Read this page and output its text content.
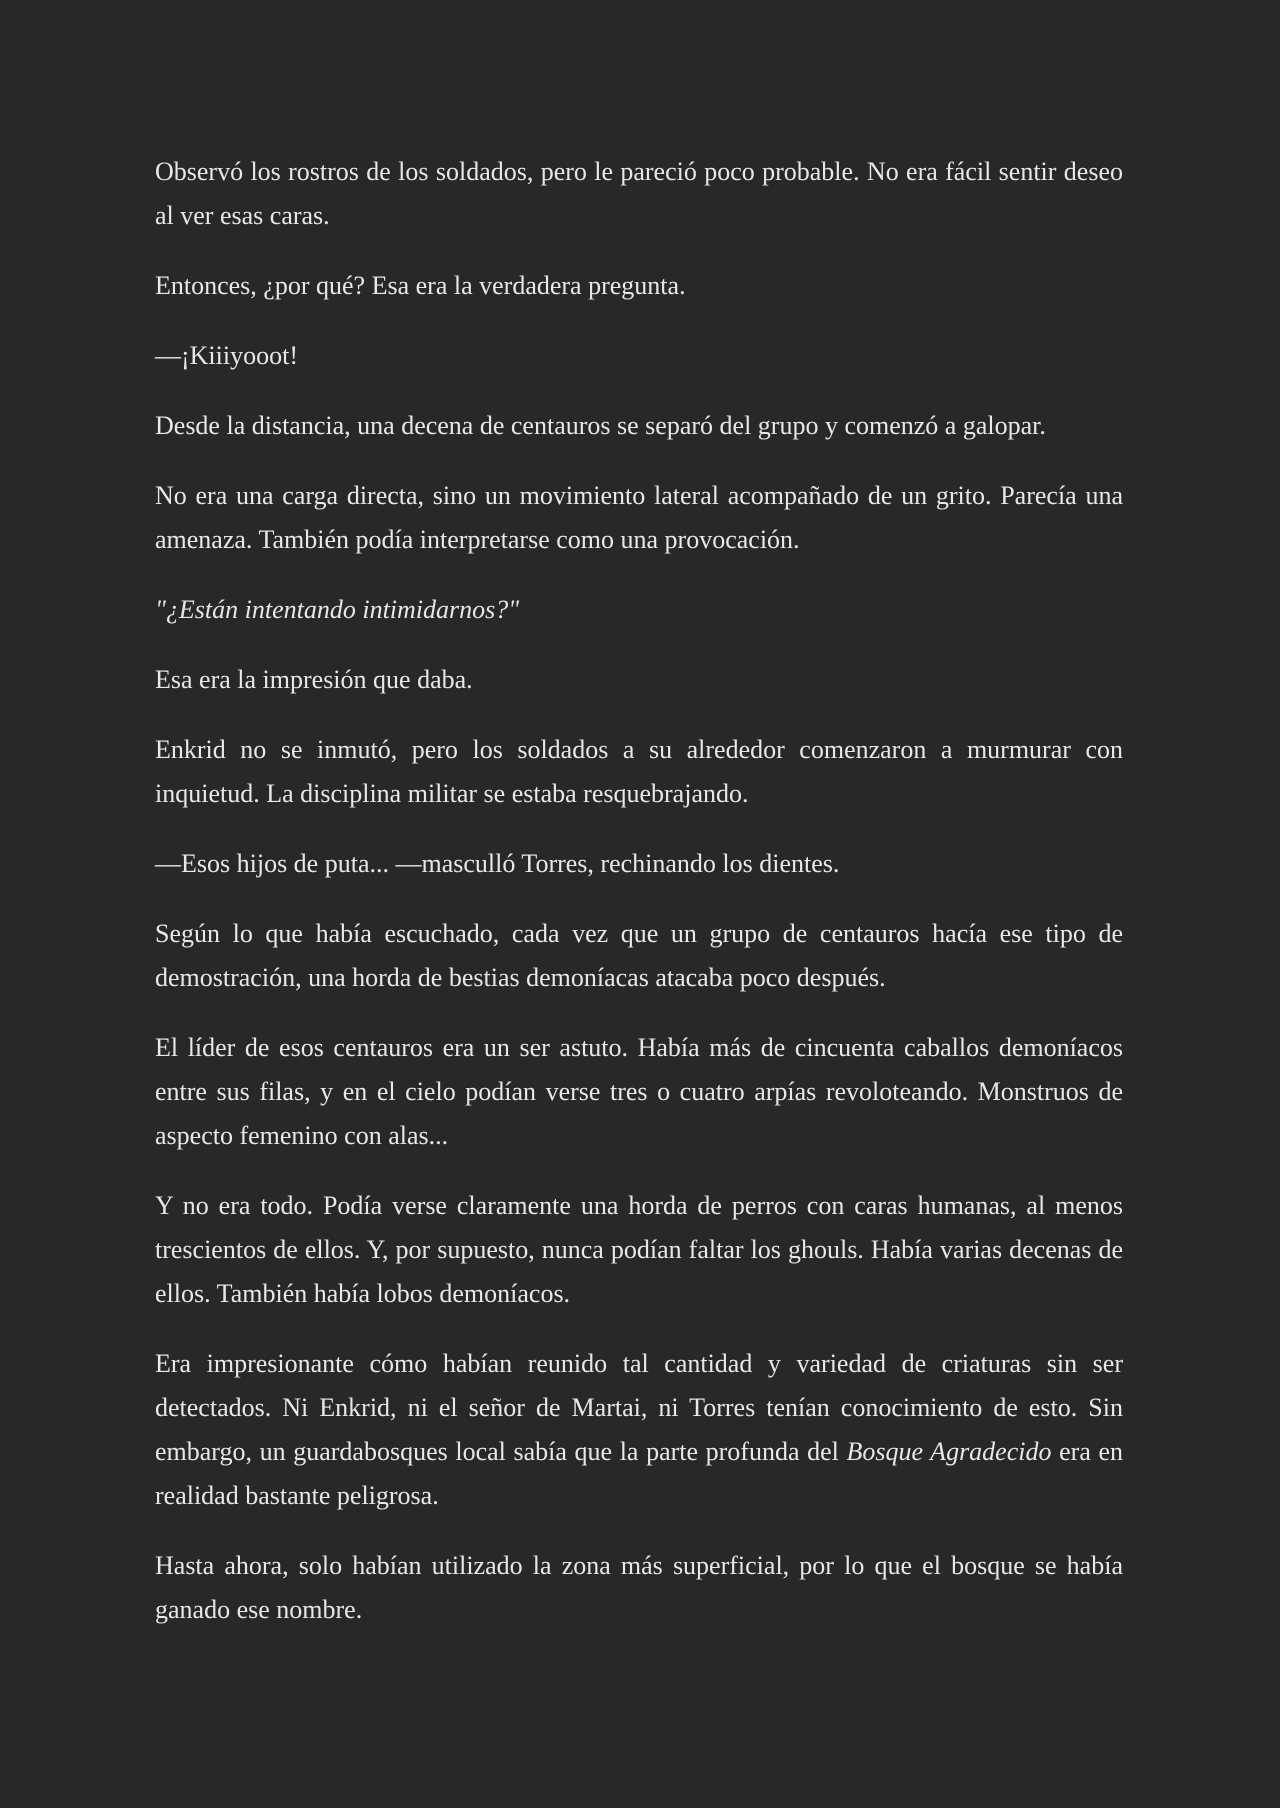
Observó los rostros de los soldados, pero le pareció poco probable. No era fácil sentir deseo al ver esas caras.

Entonces, ¿por qué? Esa era la verdadera pregunta.

—¡Kiiiyooot!

Desde la distancia, una decena de centauros se separó del grupo y comenzó a galopar.

No era una carga directa, sino un movimiento lateral acompañado de un grito. Parecía una amenaza. También podía interpretarse como una provocación.

"¿Están intentando intimidarnos?"

Esa era la impresión que daba.

Enkrid no se inmutó, pero los soldados a su alrededor comenzaron a murmurar con inquietud. La disciplina militar se estaba resquebrajando.

—Esos hijos de puta... —masculló Torres, rechinando los dientes.

Según lo que había escuchado, cada vez que un grupo de centauros hacía ese tipo de demostración, una horda de bestias demoníacas atacaba poco después.

El líder de esos centauros era un ser astuto. Había más de cincuenta caballos demoníacos entre sus filas, y en el cielo podían verse tres o cuatro arpías revoloteando. Monstruos de aspecto femenino con alas...

Y no era todo. Podía verse claramente una horda de perros con caras humanas, al menos trescientos de ellos. Y, por supuesto, nunca podían faltar los ghouls. Había varias decenas de ellos. También había lobos demoníacos.

Era impresionante cómo habían reunido tal cantidad y variedad de criaturas sin ser detectados. Ni Enkrid, ni el señor de Martai, ni Torres tenían conocimiento de esto. Sin embargo, un guardabosques local sabía que la parte profunda del Bosque Agradecido era en realidad bastante peligrosa.

Hasta ahora, solo habían utilizado la zona más superficial, por lo que el bosque se había ganado ese nombre.
